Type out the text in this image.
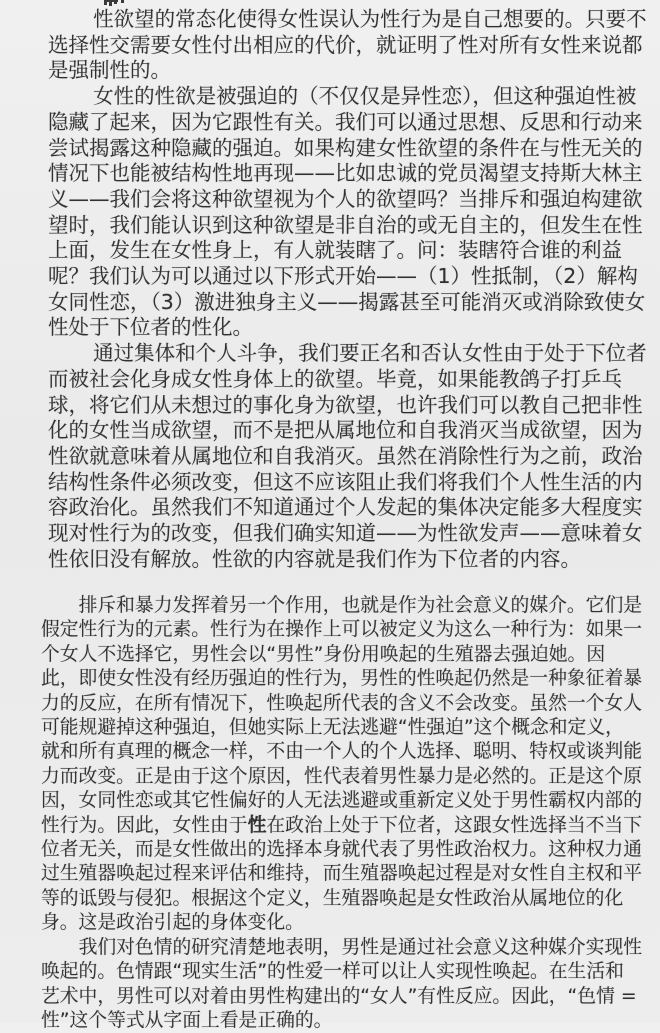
性欲望的常态化使得女性误认为性行为是自己想要的。只要不
选择性交需要女性付出相应的代价，就证明了性对所有女性来说都
是强制性的。
女性的性欲是被强迫的（不仅仅是异性恋），但这种强迫性被
隐藏了起来，因为它跟性有关。我们可以通过思想、反思和行动来
尝试揭露这种隐藏的强迫。如果构建女性欲望的条件在与性无关的
情况下也能被结构性地再现——比如忠诚的党员渴望支持斯大林主
义——我们会将这种欲望视为个人的欲望吗？当排斥和强迫构建欲
望时，我们能认识到这种欲望是非自治的或无自主的，但发生在性
上面，发生在女性身上，有人就装瞎了。问：装瞎符合谁的利益
呢？我们认为可以通过以下形式开始——（1）性抵制，（2）解构
女同性恋，（3）激进独身主义——揭露甚至可能消灭或消除致使女
性处于下位者的性化。
通过集体和个人斗争，我们要正名和否认女性由于处于下位者
而被社会化身成女性身体上的欲望。毕竟，如果能教鸽子打乒乓
球，将它们从未想过的事化身为欲望，也许我们可以教自己把非性
化的女性当成欲望，而不是把从属地位和自我消灭当成欲望，因为
性欲就意味着从属地位和自我消灭。虽然在消除性行为之前，政治
结构性条件必须改变，但这不应该阻止我们将我们个人性生活的内
容政治化。虽然我们不知道通过个人发起的集体决定能多大程度实
现对性行为的改变，但我们确实知道——为性欲发声——意味着女
性依旧没有解放。性欲的内容就是我们作为下位者的内容。
排斥和暴力发挥着另一个作用，也就是作为社会意义的媒介。它们是
假定性行为的元素。性行为在操作上可以被定义为这么一种行为：如果一
个女人不选择它，男性会以“男性”身份用唤起的生殖器去强迫她。因
此，即使女性没有经历强迫的性行为，男性的性唤起仍然是一种象征着暴
力的反应，在所有情况下，性唤起所代表的含义不会改变。虽然一个女人
可能规避掉这种强迫，但她实际上无法逃避“性强迫”这个概念和定义，
就和所有真理的概念一样，不由一个人的个人选择、聪明、特权或谈判能
力而改变。正是由于这个原因，性代表着男性暴力是必然的。正是这个原
因，女同性恋或其它性偏好的人无法逃避或重新定义处于男性霸权内部的
性行为。因此，女性由于性在政治上处于下位者，这跟女性选择当不当下
位者无关，而是女性做出的选择本身就代表了男性政治权力。这种权力通
过生殖器唤起过程来评估和维持，而生殖器唤起过程是对女性自主权和平
等的诋毁与侵犯。根据这个定义，生殖器唤起是女性政治从属地位的化
身。这是政治引起的身体变化。
我们对色情的研究清楚地表明，男性是通过社会意义这种媒介实现性
唤起的。色情跟“现实生活”的性爱一样可以让人实现性唤起。在生活和
艺术中，男性可以对着由男性构建出的“女人”有性反应。因此，“色情 =
性”这个等式从字面上看是正确的。
